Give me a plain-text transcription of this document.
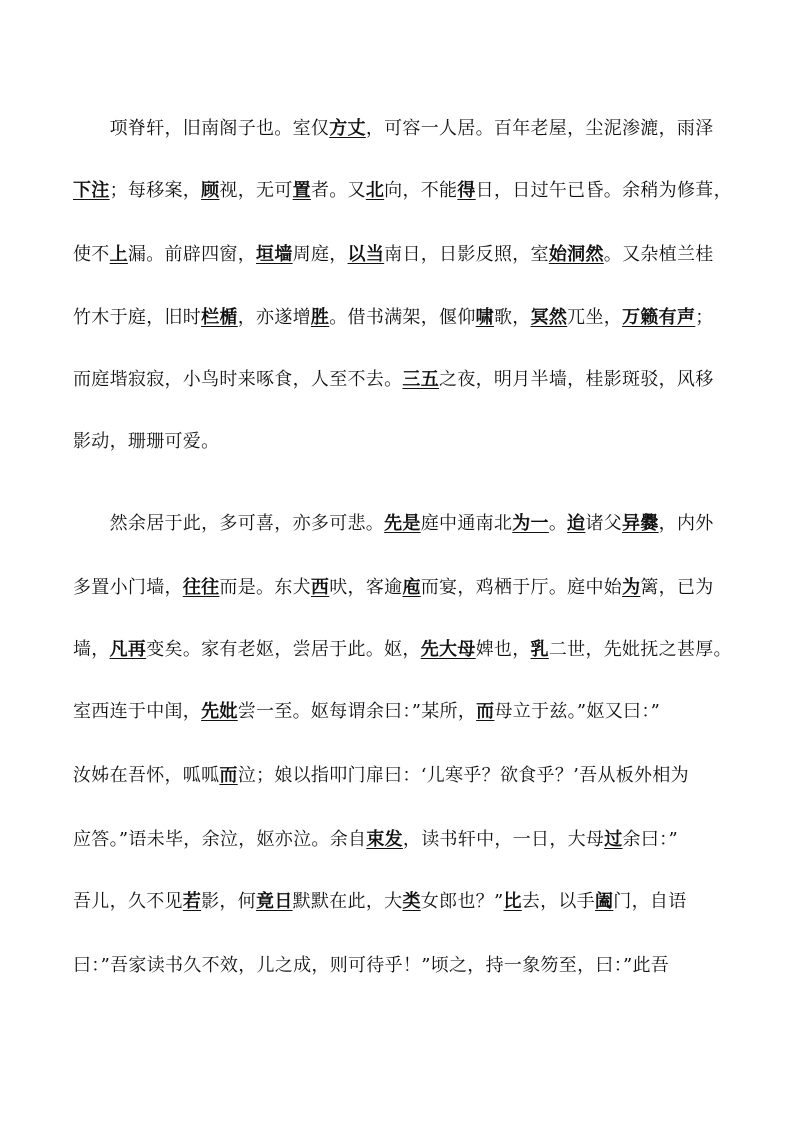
　　项脊轩，旧南阁子也。室仅方丈，可容一人居。百年老屋，尘泥渗漉，雨泽
下注；每移案，顾视，无可置者。又北向，不能得日，日过午已昏。余稍为修葺，
使不上漏。前辟四窗，垣墙周庭，以当南日，日影反照，室始洞然。又杂植兰桂
竹木于庭，旧时栏楯，亦遂增胜。借书满架，偃仰啸歌，冥然兀坐，万籁有声；
而庭堦寂寂，小鸟时来啄食，人至不去。三五之夜，明月半墙，桂影斑驳，风移
影动，珊珊可爱。
　　然余居于此，多可喜，亦多可悲。先是庭中通南北为一。迨诸父异爨，内外
多置小门墙，往往而是。东犬西吠，客逾庖而宴，鸡栖于厅。庭中始为篱，已为
墙，凡再变矣。家有老妪，尝居于此。妪，先大母婢也，乳二世，先妣抚之甚厚。
室西连于中闺，先妣尝一至。妪每谓余曰：”某所，而母立于兹。”妪又曰：”
汝姊在吾怀，呱呱而泣；娘以指叩门扉曰：‘儿寒乎？欲食乎？’吾从板外相为
应答。”语未毕，余泣，妪亦泣。余自束发，读书轩中，一日，大母过余曰：”
吾儿，久不见若影，何竟日默默在此，大类女郎也？”比去，以手阖门，自语
曰：”吾家读书久不效，儿之成，则可待乎！”顷之，持一象笏至，曰：”此吾
